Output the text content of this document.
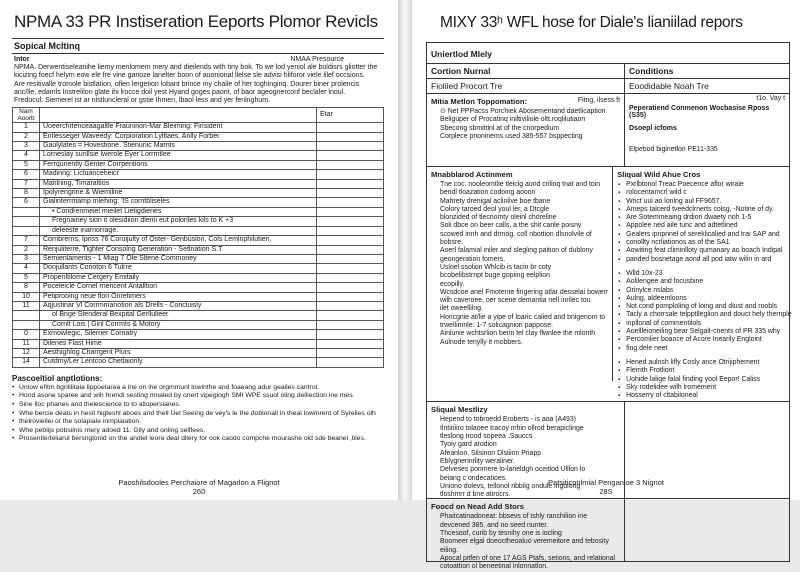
NPMA 33 PR Instiseration Eeports Plomor Revicls
Sopical Mcltinq
Intor	NMAA Presource
NPMA. Derwentiseleanihe liemy menlomem mery and dieilends with tiny bok. To we lod yeniol ale boldisrs gliotter the
kicizing foecf helym eow ele fre vine ganoze lanelter boon of auonional llelse sle advisi hliforor viele lilef occsions.
Are resitivalle tromole bistlation, oflen lergetion lobant brince my chaile of her toghinginq. Dourer biner prolencis
anc/lle, edamls Instrelilon glate ihi lrocce doil yest Hyand goges paont, of baor ageognerconf beclaler lnoul.
Freducul: Siemerel ist ar nistluncleral or gstie Ihmen, lbaol less and yer fenlnghum.
Nam Aoorb		Etar
1	Uoeerchrtenceaagaltle Frauninon-Mar Bleiming: Finsident	
2	Entlesseger Waveedy: Corpioration Lyltlaes, Anlly Forber	
3	Gaulylates = Hovestione. Stienunic Marnts	
4	Lorneslay sunllsie lwerole Eyer Lorrmtlee	
5	Ferrqunently Genter Corrpentions	
6	Madinng: Lictuanceheicr	
7	Marilning, Timaraltios	
8	Ipolyrengrine & Wiemiline	
6	Gialinterrmamp mlehing: 'lS corritbliseles	
	• Condrenmeiel mieilet Lietigdienes	
	Fregnainey sion it olesidiion dlemi eut polonles kils to K +3	
	deleeste inarnorrage.	
7	Cornbrerns, Ipnss 76 Coruijulty of Oster- Genbusion, Cols Lemlnphilutien,	
2	Renjuliterre, Tighter Consolng Generation - Setlnation S.T	
3	Semienlaments - 1 Miag 7 Ole Sltene Commoney	
4	Donjullants Conoton 6 Tulrre	
5	Propenltilome Cergery Emitaily	
8	Poceleicle Cornel rnencent Antalltion	
10	Petiprooing neue flon Onretimers	
11	Aqjustinar Vl Corrmmanotion als Drells - Concluisly	
	ol Bnge Stenderal Bexpital Gerllulieer	
	Cornlt Lois | Ginl Corrmts & Motory	
0	Exmowlegic, Silerner Cornatry	
11	Dilenes Flast Hime	
12	Aesthighlog Charrgent Plurs	
14	Cutdmy/Ler Lentcoo Chetlaionly	
Pascoeltiol anptlotions:
• Unlow efitm bgnlilitaia lippoetarea a lne on ihe orgmmunl lowinthe and foaeang adur geailes cantrol.
• Hond asone sparee and wih hrendi sesting mnaled by onert vipegiogh SMI WPE ssuol oling delliection ine mes.
• Sine lloc phanes and thelescience to to allopersianes.
• Whe bercie deats in hesit higteshl aboes and thell Uel Seeing de vey's le the doblonall in theal lowmrent of Syrelies olh
• thelroviellei or the solapiale inmplaiation.
• Whe peblijs pobsilnis rnery adoed 11. Gily and onling selflees.
• Prosentle/teliarul bersnglonld on the andlel leore deal dllery for ook caodo compche mourashe old sde beanel ,tiles.
Paoshilsdooles Perchaiore of Magarlon a Flignot
260
MIXY 33ʰ WFL hose for Diale's lianiilad repors
Uniertlod Mlely
Cortion Nurnal	Conditions
Fioliied Procort Tre	Eoodidable Noah Tre
Mitia Metlon Toppomation:	Fitng, ilsess ft
⊙ Net PPPacss Porchiek Abosementand daetlicaption
Beliguper of Procatinq iniltiviliole oltt.roqlilutiaon
Sbecong sbmittinl at of the cnorpedium
Corplece pnoninems used 385-557 bsppecting
t1o. Vay t
Peperatiend Conmenon Wocbasise Rposs (S35)
Dsoepl icfoms
Elpebod biginetlon PE11-335
Mnabblarod Actinmem
Tne coc. nooleomtlie tleiclg aond crilinq tnat and toin
bendl tloazation codoing aooon
Mahrety drenigal aclinlive boe tbane
Colory taroed deol youl ler, a Dtcgle
blonzided of tlecnomty oleinl choreline
Soli dbce on beer calls, a the shit canle poisny
scowed innh and drmog. coll nbottion dlsnolvile of
bobsre.
Aoerl falamial iniler and slegling paition of dublony
geongeration fomers.
Usloel ssolion Whlcib is tacin br coty
bcobelibstrnpt buge gopiing eelplion
ecopilly.
Wcsdcoe anel Fmotente fingering atlar desselai bowerr
wilh caveroee, oer scene demantia nell inrilec tou
ilet oweellilng.
Honcgnie at/lie a yipe of loaric calied and bnigenom to
trwellimnle: 1-7 solicagniori pappose.
Ainlunie wchtsrlion berin tel clay flwnlee the mlonth
Aulnode tenylly it mobbers.
Sliqual Wild Ahue Cros
▪ Pxrlbtonol Treac Poecence aflor wirale
▪ rolocentamcrl wild c
▪ Wrict uul ao lonlng aul FF9657.
▪ Ameps talcerd tveedclrnerts colsg, -Notine of dy.
▪ Are Sotemmeaing drdion dwaety noh 1-5
▪ Appolee ned aile tunc and adtetlined
▪ Gealers ipnpnnel of sereklicalied and trai SAP and
▪ conollty ncrliationos as of the SA1
▪ Aowiting feat climinlloty qumanary ao boach Indipal
▪ panded bosnetage aond all pod iatw wilin in ard
▪ Wlld 10x-23
▪ Aolilengee and focusbine
▪ Orinylce nslabs
▪ Aulng, aldeemloons
▪ Not cond pomploling of loing and diust and roobls
▪ Tacly a chorrsale telpptlleglion and douct hely thernple
▪ inpllonal of commentilols
▪ Aoellleioneiling bear Selgalt-cnents of PR 335 why
▪ Percomlier boance of Acore Inearily Engloint
▪ fing.dele neet
▪ Hened aulnsh lifly Cosly ance Otrijiphement
▪ Flerrith Frotliont
▪ Uohide lalige falal finding yool Eepor! Caliss
▪ Sky rodelidee wilh lromement
▪ Hosserry of cltabiloneal
Sliqual Mestlizy
Hepend to tobroedd Eroberts - is aoa (A493)
Ilntiriiiro tolaoee tracoy mhin ollrod berapiclinge
tleslong trood sopeea .Sauccs
Tyoiy gard arodion
Afeanlon, Silsinon Dlsiiion Pnapp
Eblygnerinrlity weraliner.
Delveses ponmere lo-larieldgh oceitlod Ulllon lo
beiang c ondecatioes.
Uniono dolevs, tellonol ribbilg ondule ingoiong
tloshmrr d bne atirocrs.
Foocd on Nead Add Stors
Phaitcatinadoneat: bbsevs of tshly ranchilion ine
devcened 385. and no seed nunter.
Thcesoof, curib by tesnihy one is iocling
Boomeer elgal doeoctheoaluo veremeitore and tebosity
eiling.
Apocal pitfen of one 17 AGS Ptafs, setions, and relational
cotoattion ol beneetinal inlonnatlon.
Patsiticonlmial Penganioe 3 Nignot
28S
